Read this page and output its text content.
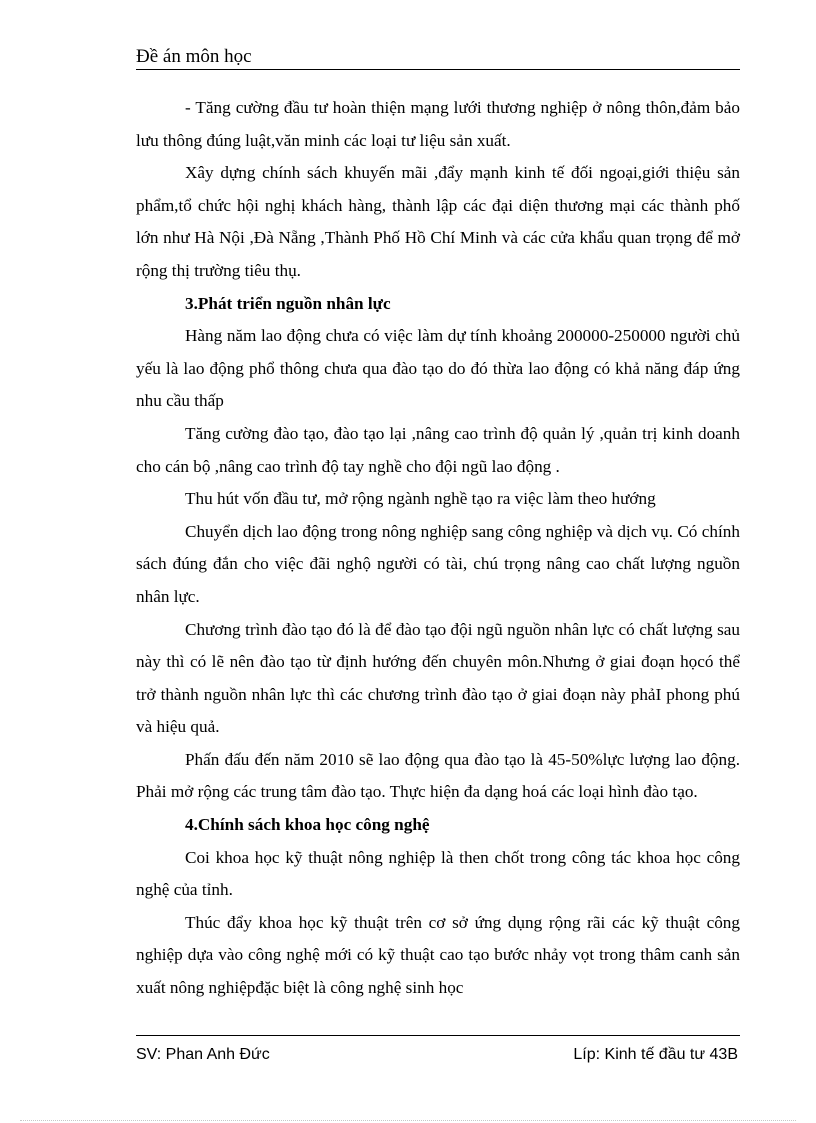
Đề án môn học

- Tăng cường đầu tư hoàn thiện mạng lưới thương nghiệp ở nông thôn,đảm bảo lưu thông đúng luật,văn minh các loại tư liệu sản xuất.

Xây dựng chính sách khuyến mãi ,đẩy mạnh kinh tế đối ngoại,giới thiệu sản phẩm,tổ chức hội nghị khách hàng, thành lập các đại diện thương mại các thành phố lớn như Hà Nội ,Đà Nẵng ,Thành Phố Hồ Chí Minh và các cửa khẩu quan trọng để mở rộng thị trường tiêu thụ.

3.Phát triển nguồn nhân lực

Hàng năm lao động chưa có việc làm dự tính khoảng 200000-250000 người chủ yếu là lao động phổ thông chưa qua đào tạo do đó thừa lao động có khả năng đáp ứng nhu cầu thấp

Tăng cường đào tạo, đào tạo lại ,nâng cao trình độ quản lý ,quản trị kinh doanh cho cán bộ ,nâng cao trình độ tay nghề cho đội ngũ lao động .

Thu hút vốn đầu tư, mở rộng ngành nghề tạo ra việc làm theo hướng

Chuyển dịch lao động trong nông nghiệp sang công nghiệp và dịch vụ. Có chính sách đúng đắn cho việc đãi nghộ người có tài, chú trọng nâng cao chất lượng nguồn nhân lực.

Chương trình đào tạo đó là để đào tạo đội ngũ nguồn nhân lực có chất lượng sau này thì có lẽ nên đào tạo từ định hướng đến chuyên môn.Nhưng ở giai đoạn họcó thể trở thành nguồn nhân lực thì các chương trình đào tạo ở giai đoạn này phảI phong phú và hiệu quả.

Phấn đấu đến năm 2010 sẽ lao động qua đào tạo là 45-50%lực lượng lao động. Phải mở rộng các trung tâm đào tạo. Thực hiện đa dạng hoá các loại hình đào tạo.

4.Chính sách khoa học công nghệ

Coi khoa học kỹ thuật nông nghiệp là then chốt trong công tác khoa học công nghệ của tỉnh.

Thúc đẩy khoa học kỹ thuật trên cơ sở ứng dụng rộng rãi các kỹ thuật công nghiệp dựa vào công nghệ mới có kỹ thuật cao tạo bước nhảy vọt trong thâm canh sản xuất nông nghiệpđặc biệt là công nghệ sinh học

SV: Phan Anh Đức	Líp: Kinh tế đầu tư 43B
